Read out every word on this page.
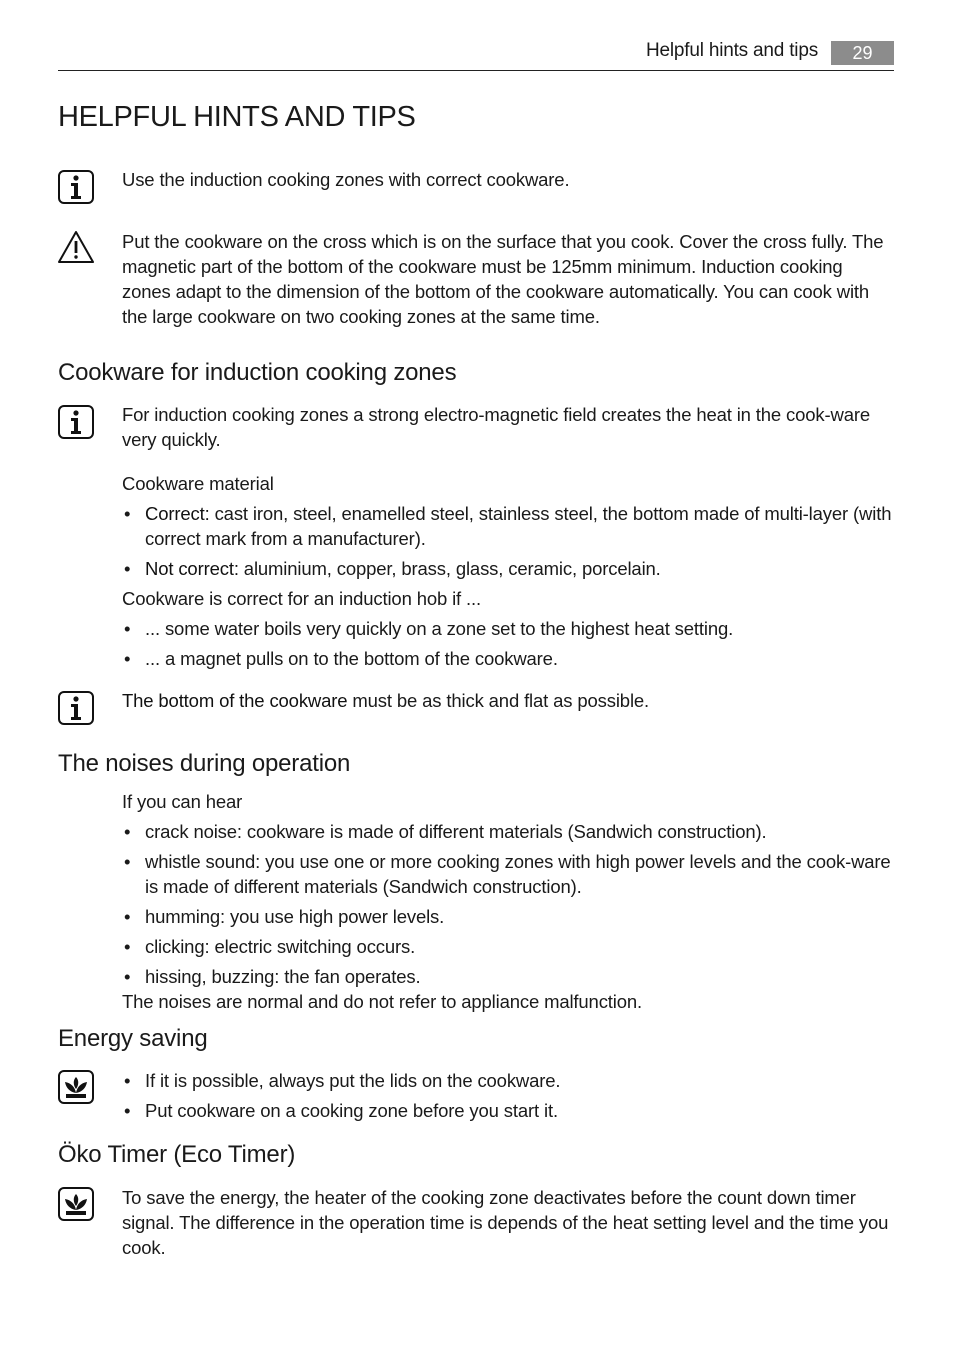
Helpful hints and tips	29
HELPFUL HINTS AND TIPS
Use the induction cooking zones with correct cookware.
Put the cookware on the cross which is on the surface that you cook. Cover the cross fully. The magnetic part of the bottom of the cookware must be 125mm minimum. Induction cooking zones adapt to the dimension of the bottom of the cookware automatically. You can cook with the large cookware on two cooking zones at the same time.
Cookware for induction cooking zones
For induction cooking zones a strong electro-magnetic field creates the heat in the cook-ware very quickly.

Cookware material

• Correct: cast iron, steel, enamelled steel, stainless steel, the bottom made of multi-layer (with correct mark from a manufacturer).
• Not correct: aluminium, copper, brass, glass, ceramic, porcelain.

Cookware is correct for an induction hob if ...

• ... some water boils very quickly on a zone set to the highest heat setting.
• ... a magnet pulls on to the bottom of the cookware.
The bottom of the cookware must be as thick and flat as possible.
The noises during operation

If you can hear

• crack noise: cookware is made of different materials (Sandwich construction).
• whistle sound: you use one or more cooking zones with high power levels and the cook-ware is made of different materials (Sandwich construction).
• humming: you use high power levels.
• clicking: electric switching occurs.
• hissing, buzzing: the fan operates.

The noises are normal and do not refer to appliance malfunction.

Energy saving
• If it is possible, always put the lids on the cookware.
• Put cookware on a cooking zone before you start it.
Öko Timer (Eco Timer)
To save the energy, the heater of the cooking zone deactivates before the count down timer signal. The difference in the operation time is depends of the heat setting level and the time you cook.
